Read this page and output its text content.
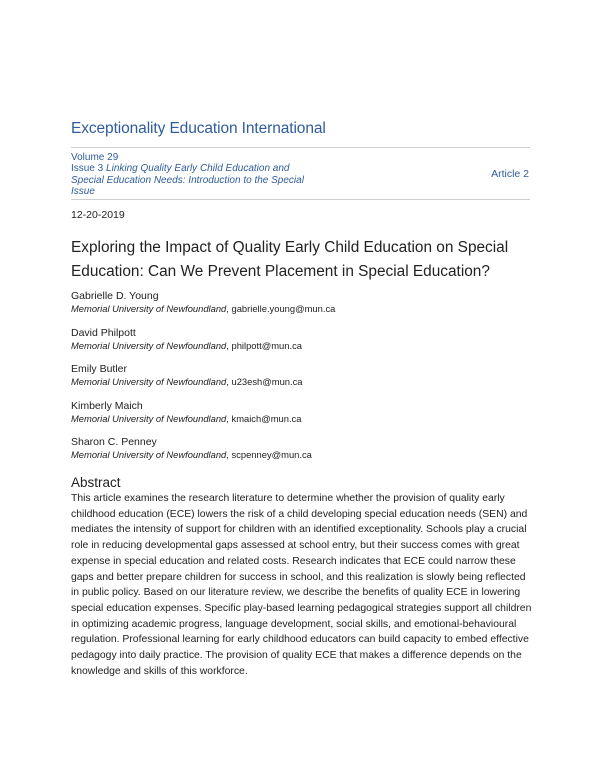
Exceptionality Education International
Volume 29
Issue 3 Linking Quality Early Child Education and Special Education Needs: Introduction to the Special Issue
Article 2
12-20-2019
Exploring the Impact of Quality Early Child Education on Special Education: Can We Prevent Placement in Special Education?
Gabrielle D. Young
Memorial University of Newfoundland, gabrielle.young@mun.ca
David Philpott
Memorial University of Newfoundland, philpott@mun.ca
Emily Butler
Memorial University of Newfoundland, u23esh@mun.ca
Kimberly Maich
Memorial University of Newfoundland, kmaich@mun.ca
Sharon C. Penney
Memorial University of Newfoundland, scpenney@mun.ca
Abstract
This article examines the research literature to determine whether the provision of quality early childhood education (ECE) lowers the risk of a child developing special education needs (SEN) and mediates the intensity of support for children with an identified exceptionality. Schools play a crucial role in reducing developmental gaps assessed at school entry, but their success comes with great expense in special education and related costs. Research indicates that ECE could narrow these gaps and better prepare children for success in school, and this realization is slowly being reflected in public policy. Based on our literature review, we describe the benefits of quality ECE in lowering special education expenses. Specific play-based learning pedagogical strategies support all children in optimizing academic progress, language development, social skills, and emotional-behavioural regulation. Professional learning for early childhood educators can build capacity to embed effective pedagogy into daily practice. The provision of quality ECE that makes a difference depends on the knowledge and skills of this workforce.
